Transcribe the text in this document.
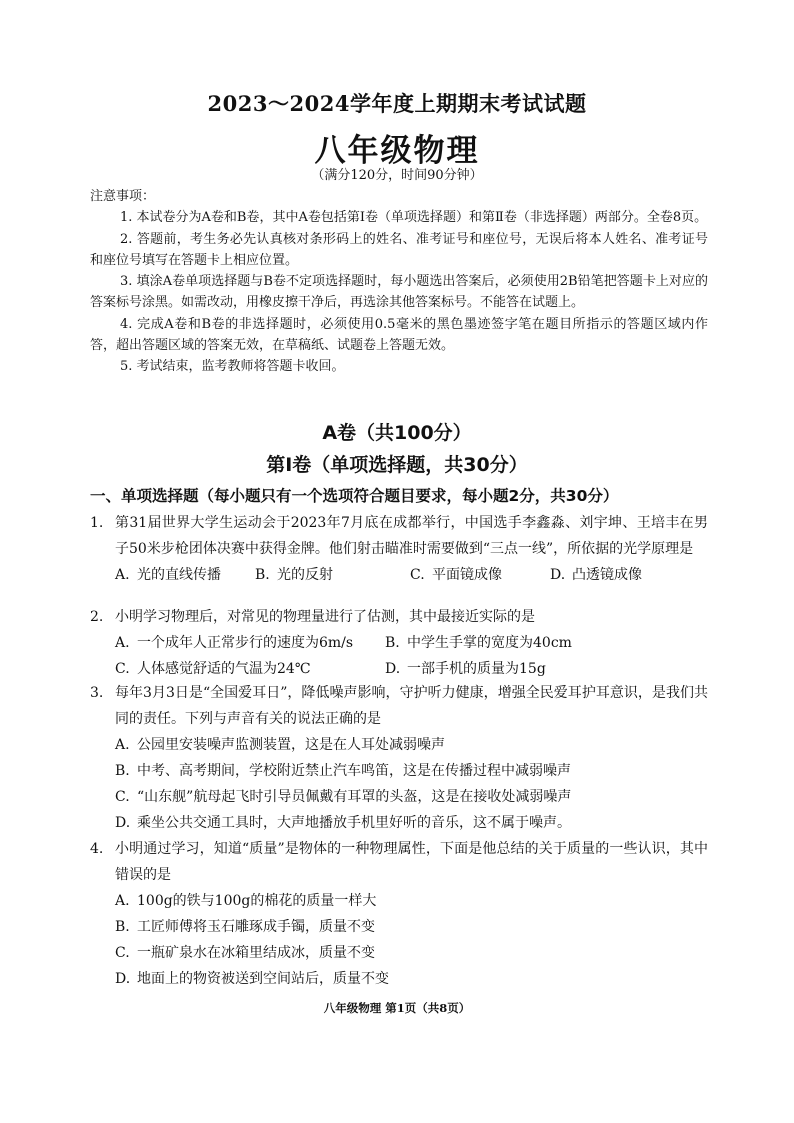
2023～2024学年度上期期末考试试题
八年级物理
（满分120分，时间90分钟）
注意事项：

1. 本试卷分为A卷和B卷，其中A卷包括第Ⅰ卷（单项选择题）和第Ⅱ卷（非选择题）两部分。全卷8页。

2. 答题前，考生务必先认真核对条形码上的姓名、准考证号和座位号，无误后将本人姓名、准考证号和座位号填写在答题卡上相应位置。

3. 填涂A卷单项选择题与B卷不定项选择题时，每小题选出答案后，必须使用2B铅笔把答题卡上对应的答案标号涂黑。如需改动，用橡皮擦干净后，再选涂其他答案标号。不能答在试题上。

4. 完成A卷和B卷的非选择题时，必须使用0.5毫米的黑色墨迹签字笔在题目所指示的答题区域内作答，超出答题区域的答案无效，在草稿纸、试题卷上答题无效。

5. 考试结束，监考教师将答题卡收回。

A卷（共100分）
第Ⅰ卷（单项选择题，共30分）
一、单项选择题（每小题只有一个选项符合题目要求，每小题2分，共30分）
1. 第31届世界大学生运动会于2023年7月底在成都举行，中国选手李鑫淼、刘宇坤、王培丰在男子50米步枪团体决赛中获得金牌。他们射击瞄准时需要做到“三点一线”，所依据的光学原理是
A. 光的直线传播 B. 光的反射	C. 平面镜成像	D. 凸透镜成像
2. 小明学习物理后，对常见的物理量进行了估测，其中最接近实际的是
A. 一个成年人正常步行的速度为6m/s B. 中学生手掌的宽度为40cm
C. 人体感觉舒适的气温为24℃	D. 一部手机的质量为15g
3. 每年3月3日是“全国爱耳日”，降低噪声影响，守护听力健康，增强全民爱耳护耳意识，是我们共同的责任。下列与声音有关的说法正确的是
A. 公园里安装噪声监测装置，这是在人耳处减弱噪声
B. 中考、高考期间，学校附近禁止汽车鸣笛，这是在传播过程中减弱噪声
C. “山东舰”航母起飞时引导员佩戴有耳罩的头盔，这是在接收处减弱噪声
D. 乘坐公共交通工具时，大声地播放手机里好听的音乐，这不属于噪声。
4. 小明通过学习，知道“质量”是物体的一种物理属性，下面是他总结的关于质量的一些认识，其中错误的是
A. 100g的铁与100g的棉花的质量一样大
B. 工匠师傅将玉石雕琢成手镯，质量不变
C. 一瓶矿泉水在冰箱里结成冰，质量不变
D. 地面上的物资被送到空间站后，质量不变
八年级物理 第1页（共8页）
